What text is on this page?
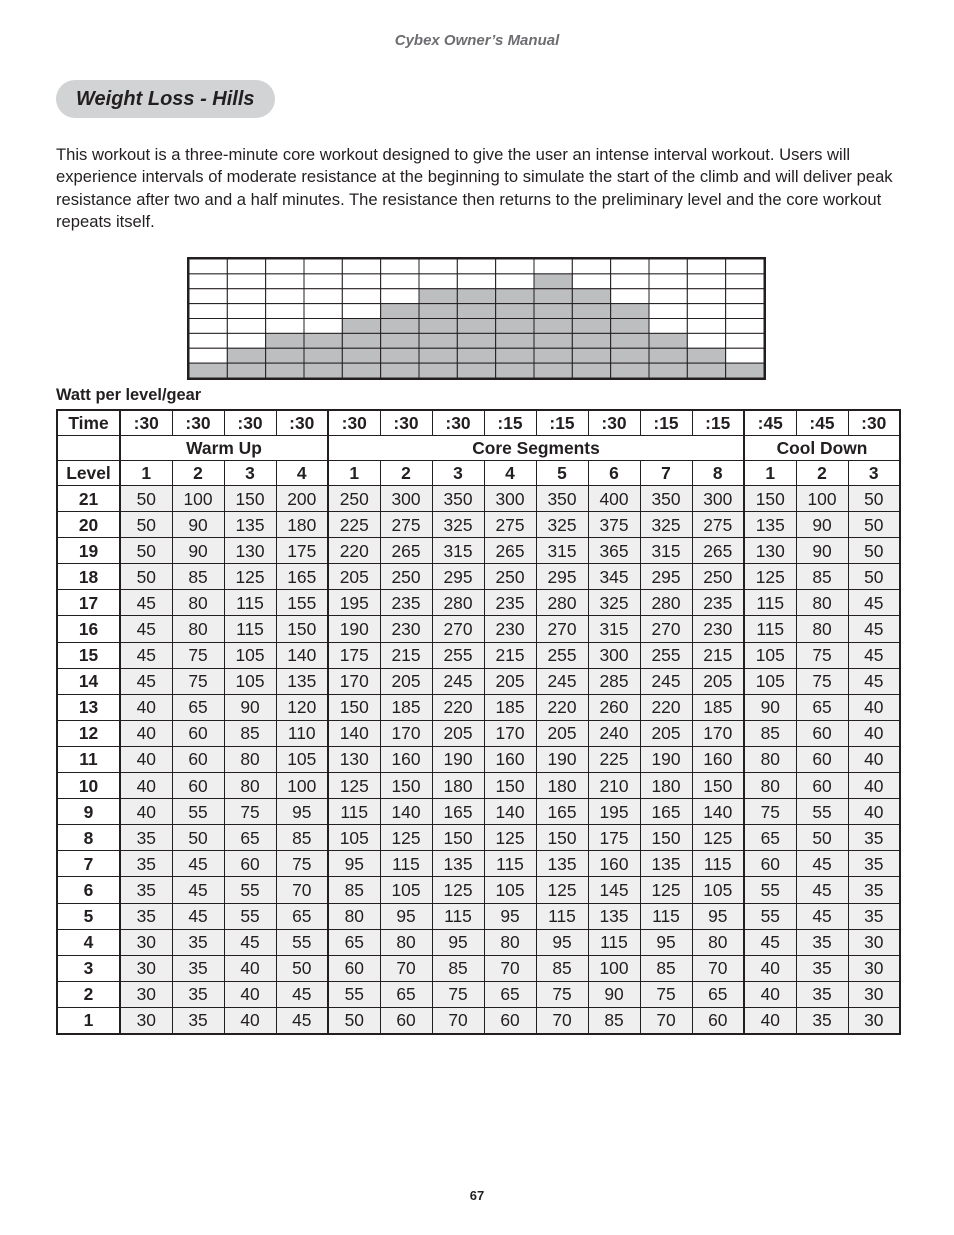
Cybex Owner’s Manual
Weight Loss - Hills
This workout is a three-minute core workout designed to give the user an intense interval workout. Users will experience intervals of moderate resistance at the beginning to simulate the start of the climb and will deliver peak resistance after two and a half minutes. The resistance then returns to the preliminary level and the core workout repeats itself.
Watt per level/gear
Time	:30	:30	:30	:30	:30	:30	:30	:15	:15	:30	:15	:15	:45	:45	:30
	Warm Up				Core Segments								Cool Down		
Level	1	2	3	4	1	2	3	4	5	6	7	8	1	2	3
21	50	100	150	200	250	300	350	300	350	400	350	300	150	100	50
20	50	90	135	180	225	275	325	275	325	375	325	275	135	90	50
19	50	90	130	175	220	265	315	265	315	365	315	265	130	90	50
18	50	85	125	165	205	250	295	250	295	345	295	250	125	85	50
17	45	80	115	155	195	235	280	235	280	325	280	235	115	80	45
16	45	80	115	150	190	230	270	230	270	315	270	230	115	80	45
15	45	75	105	140	175	215	255	215	255	300	255	215	105	75	45
14	45	75	105	135	170	205	245	205	245	285	245	205	105	75	45
13	40	65	90	120	150	185	220	185	220	260	220	185	90	65	40
12	40	60	85	110	140	170	205	170	205	240	205	170	85	60	40
11	40	60	80	105	130	160	190	160	190	225	190	160	80	60	40
10	40	60	80	100	125	150	180	150	180	210	180	150	80	60	40
9	40	55	75	95	115	140	165	140	165	195	165	140	75	55	40
8	35	50	65	85	105	125	150	125	150	175	150	125	65	50	35
7	35	45	60	75	95	115	135	115	135	160	135	115	60	45	35
6	35	45	55	70	85	105	125	105	125	145	125	105	55	45	35
5	35	45	55	65	80	95	115	95	115	135	115	95	55	45	35
4	30	35	45	55	65	80	95	80	95	115	95	80	45	35	30
3	30	35	40	50	60	70	85	70	85	100	85	70	40	35	30
2	30	35	40	45	55	65	75	65	75	90	75	65	40	35	30
1	30	35	40	45	50	60	70	60	70	85	70	60	40	35	30
67
